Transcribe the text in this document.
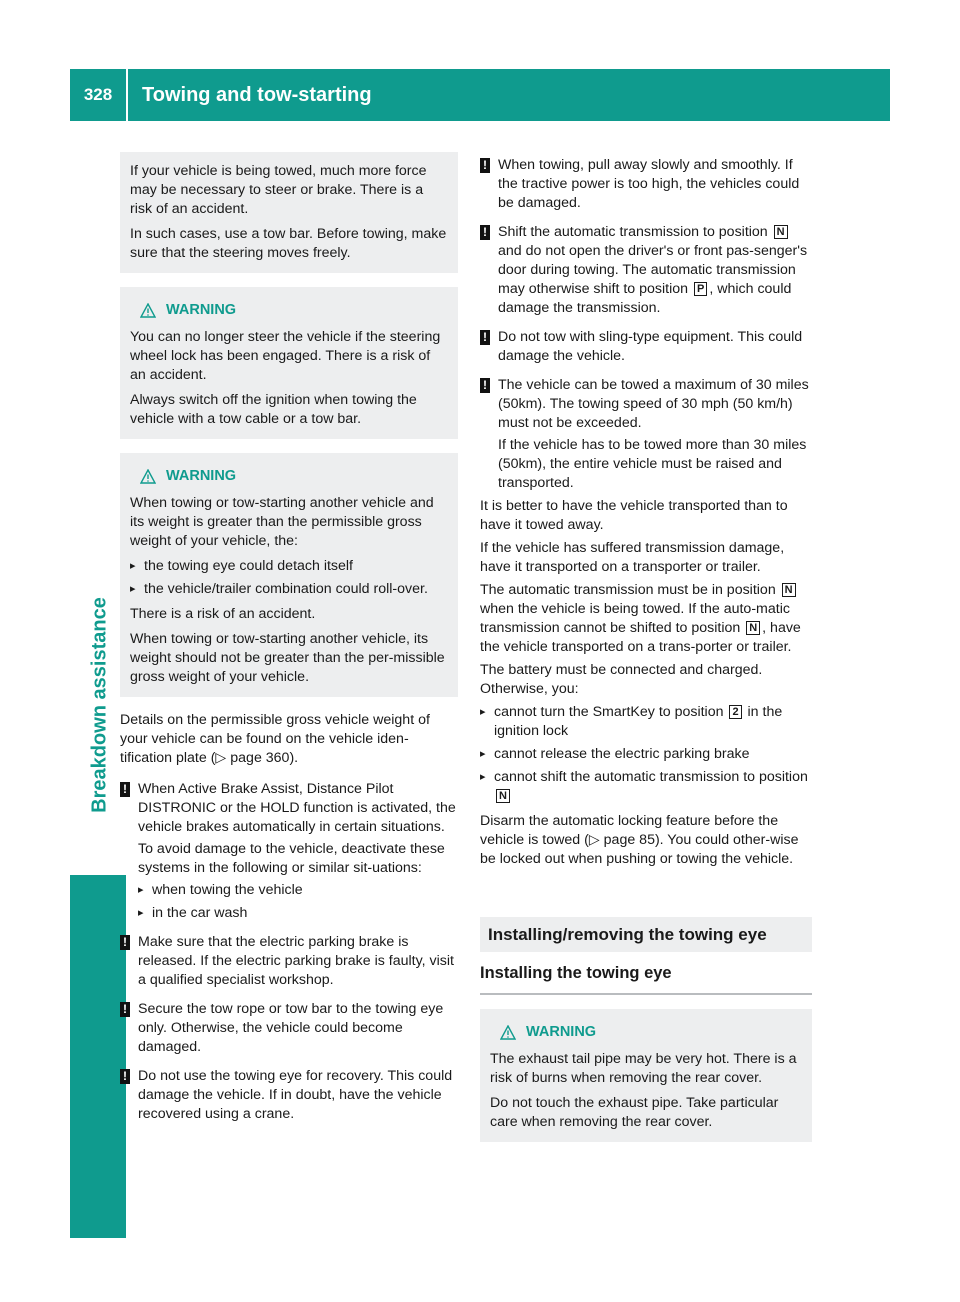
328	Towing and tow-starting
Breakdown assistance

If your vehicle is being towed, much more force may be necessary to steer or brake. There is a risk of an accident.

In such cases, use a tow bar. Before towing, make sure that the steering moves freely.

WARNING

You can no longer steer the vehicle if the steering wheel lock has been engaged. There is a risk of an accident.

Always switch off the ignition when towing the vehicle with a tow cable or a tow bar.

WARNING

When towing or tow-starting another vehicle and its weight is greater than the permissible gross weight of your vehicle, the:

▸ the towing eye could detach itself
▸ the vehicle/trailer combination could roll-over.

There is a risk of an accident.

When towing or tow-starting another vehicle, its weight should not be greater than the per-missible gross weight of your vehicle.

Details on the permissible gross vehicle weight of your vehicle can be found on the vehicle iden-tification plate (▷ page 360).

! When Active Brake Assist, Distance Pilot DISTRONIC or the HOLD function is activated, the vehicle brakes automatically in certain situations.

To avoid damage to the vehicle, deactivate these systems in the following or similar sit-uations:

▸ when towing the vehicle
▸ in the car wash
! Make sure that the electric parking brake is released. If the electric parking brake is faulty, visit a qualified specialist workshop.

! Secure the tow rope or tow bar to the towing eye only. Otherwise, the vehicle could become damaged.

! Do not use the towing eye for recovery. This could damage the vehicle. If in doubt, have the vehicle recovered using a crane.

! When towing, pull away slowly and smoothly. If the tractive power is too high, the vehicles could be damaged.

! Shift the automatic transmission to position N and do not open the driver's or front pas-senger's door during towing. The automatic transmission may otherwise shift to position P , which could damage the transmission.

! Do not tow with sling-type equipment. This could damage the vehicle.

! The vehicle can be towed a maximum of 30 miles (50km). The towing speed of 30 mph (50 km/h) must not be exceeded.

If the vehicle has to be towed more than 30 miles (50km), the entire vehicle must be raised and transported.

It is better to have the vehicle transported than to have it towed away.

If the vehicle has suffered transmission damage, have it transported on a transporter or trailer.

The automatic transmission must be in position N when the vehicle is being towed. If the auto-matic transmission cannot be shifted to position N , have the vehicle transported on a trans-porter or trailer.

The battery must be connected and charged. Otherwise, you:

▸ cannot turn the SmartKey to position 2 in the ignition lock
▸ cannot release the electric parking brake
▸ cannot shift the automatic transmission to position N

Disarm the automatic locking feature before the vehicle is towed (▷ page 85). You could other-wise be locked out when pushing or towing the vehicle.

Installing/removing the towing eye
Installing the towing eye
WARNING

The exhaust tail pipe may be very hot. There is a risk of burns when removing the rear cover.

Do not touch the exhaust pipe. Take particular care when removing the rear cover.
